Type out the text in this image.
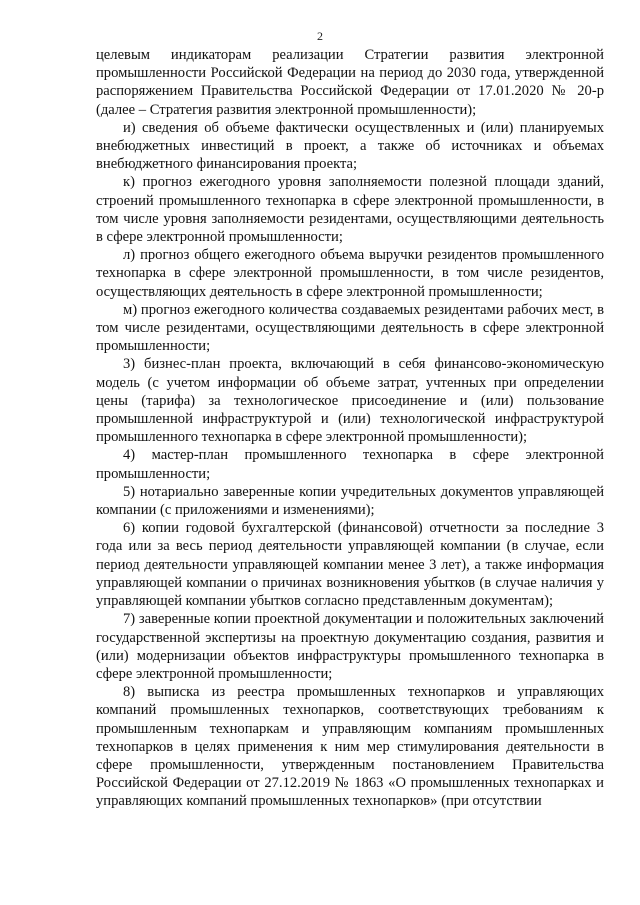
2

целевым индикаторам реализации Стратегии развития электронной промышленности Российской Федерации на период до 2030 года, утвержденной распоряжением Правительства Российской Федерации от 17.01.2020 № 20-р (далее – Стратегия развития электронной промышленности);

и) сведения об объеме фактически осуществленных и (или) планируемых внебюджетных инвестиций в проект, а также об источниках и объемах внебюджетного финансирования проекта;

к) прогноз ежегодного уровня заполняемости полезной площади зданий, строений промышленного технопарка в сфере электронной промышленности, в том числе уровня заполняемости резидентами, осуществляющими деятельность в сфере электронной промышленности;

л) прогноз общего ежегодного объема выручки резидентов промышленного технопарка в сфере электронной промышленности, в том числе резидентов, осуществляющих деятельность в сфере электронной промышленности;

м) прогноз ежегодного количества создаваемых резидентами рабочих мест, в том числе резидентами, осуществляющими деятельность в сфере электронной промышленности;

3) бизнес-план проекта, включающий в себя финансово-экономическую модель (с учетом информации об объеме затрат, учтенных при определении цены (тарифа) за технологическое присоединение и (или) пользование промышленной инфраструктурой и (или) технологической инфраструктурой промышленного технопарка в сфере электронной промышленности);

4) мастер-план промышленного технопарка в сфере электронной промышленности;

5) нотариально заверенные копии учредительных документов управляющей компании (с приложениями и изменениями);

6) копии годовой бухгалтерской (финансовой) отчетности за последние 3 года или за весь период деятельности управляющей компании (в случае, если период деятельности управляющей компании менее 3 лет), а также информация управляющей компании о причинах возникновения убытков (в случае наличия у управляющей компании убытков согласно представленным документам);

7) заверенные копии проектной документации и положительных заключений государственной экспертизы на проектную документацию создания, развития и (или) модернизации объектов инфраструктуры промышленного технопарка в сфере электронной промышленности;

8) выписка из реестра промышленных технопарков и управляющих компаний промышленных технопарков, соответствующих требованиям к промышленным технопаркам и управляющим компаниям промышленных технопарков в целях применения к ним мер стимулирования деятельности в сфере промышленности, утвержденным постановлением Правительства Российской Федерации от 27.12.2019 № 1863 «О промышленных технопарках и управляющих компаний промышленных технопарков» (при отсутствии
